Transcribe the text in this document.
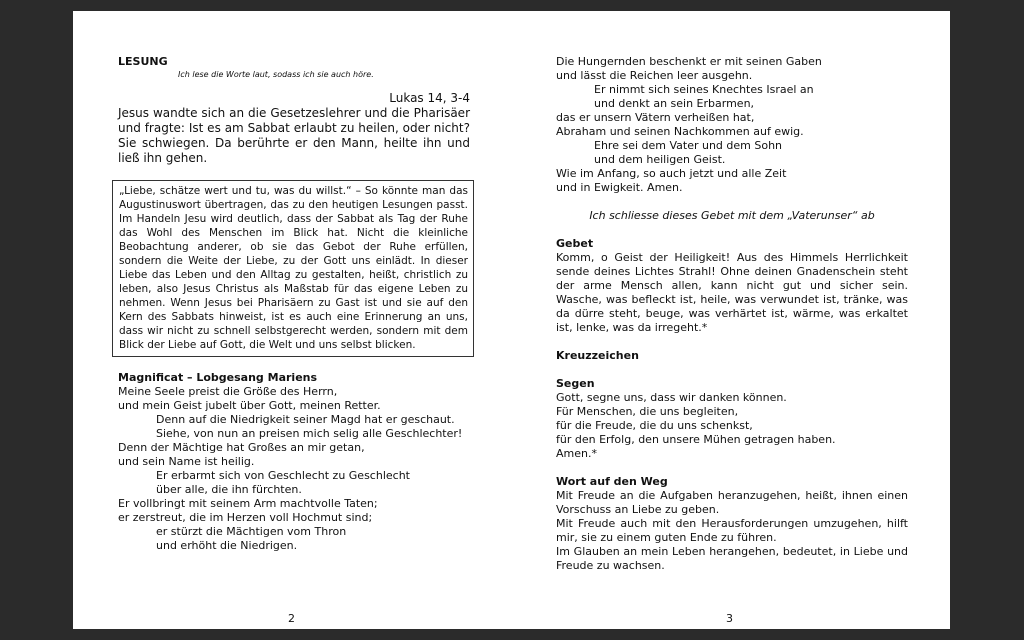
LESUNG
Ich lese die Worte laut, sodass ich sie auch höre.
Lukas 14, 3-4
Jesus wandte sich an die Gesetzeslehrer und die Pharisäer und fragte: Ist es am Sabbat erlaubt zu heilen, oder nicht? Sie schwiegen. Da berührte er den Mann, heilte ihn und ließ ihn gehen.
„Liebe, schätze wert und tu, was du willst.“ – So könnte man das Augustinuswort übertragen, das zu den heutigen Lesungen passt. Im Handeln Jesu wird deutlich, dass der Sabbat als Tag der Ruhe das Wohl des Menschen im Blick hat. Nicht die kleinliche Beobachtung anderer, ob sie das Gebot der Ruhe erfüllen, sondern die Weite der Liebe, zu der Gott uns einlädt. In dieser Liebe das Leben und den Alltag zu gestalten, heißt, christlich zu leben, also Jesus Christus als Maßstab für das eigene Leben zu nehmen. Wenn Jesus bei Pharisäern zu Gast ist und sie auf den Kern des Sabbats hinweist, ist es auch eine Erinnerung an uns, dass wir nicht zu schnell selbstgerecht werden, sondern mit dem Blick der Liebe auf Gott, die Welt und uns selbst blicken.
Magnificat – Lobgesang Mariens
Meine Seele preist die Größe des Herrn,
und mein Geist jubelt über Gott, meinen Retter.
Denn auf die Niedrigkeit seiner Magd hat er geschaut.
Siehe, von nun an preisen mich selig alle Geschlechter!
Denn der Mächtige hat Großes an mir getan,
und sein Name ist heilig.
Er erbarmt sich von Geschlecht zu Geschlecht
über alle, die ihn fürchten.
Er vollbringt mit seinem Arm machtvolle Taten;
er zerstreut, die im Herzen voll Hochmut sind;
er stürzt die Mächtigen vom Thron
und erhöht die Niedrigen.
Die Hungernden beschenkt er mit seinen Gaben
und lässt die Reichen leer ausgehn.
Er nimmt sich seines Knechtes Israel an
und denkt an sein Erbarmen,
das er unsern Vätern verheißen hat,
Abraham und seinen Nachkommen auf ewig.
Ehre sei dem Vater und dem Sohn
und dem heiligen Geist.
Wie im Anfang, so auch jetzt und alle Zeit
und in Ewigkeit. Amen.
Ich schliesse dieses Gebet mit dem „Vaterunser“ ab
Gebet
Komm, o Geist der Heiligkeit! Aus des Himmels Herrlichkeit sende deines Lichtes Strahl! Ohne deinen Gnadenschein steht der arme Mensch allen, kann nicht gut und sicher sein. Wasche, was befleckt ist, heile, was verwundet ist, tränke, was da dürre steht, beuge, was verhärtet ist, wärme, was erkaltet ist, lenke, was da irregeht.*
Kreuzzeichen
Segen
Gott, segne uns, dass wir danken können.
Für Menschen, die uns begleiten,
für die Freude, die du uns schenkst,
für den Erfolg, den unsere Mühen getragen haben.
Amen.*
Wort auf den Weg
Mit Freude an die Aufgaben heranzugehen, heißt, ihnen einen Vorschuss an Liebe zu geben.
Mit Freude auch mit den Herausforderungen umzugehen, hilft mir, sie zu einem guten Ende zu führen.
Im Glauben an mein Leben herangehen, bedeutet, in Liebe und Freude zu wachsen.
2	3
